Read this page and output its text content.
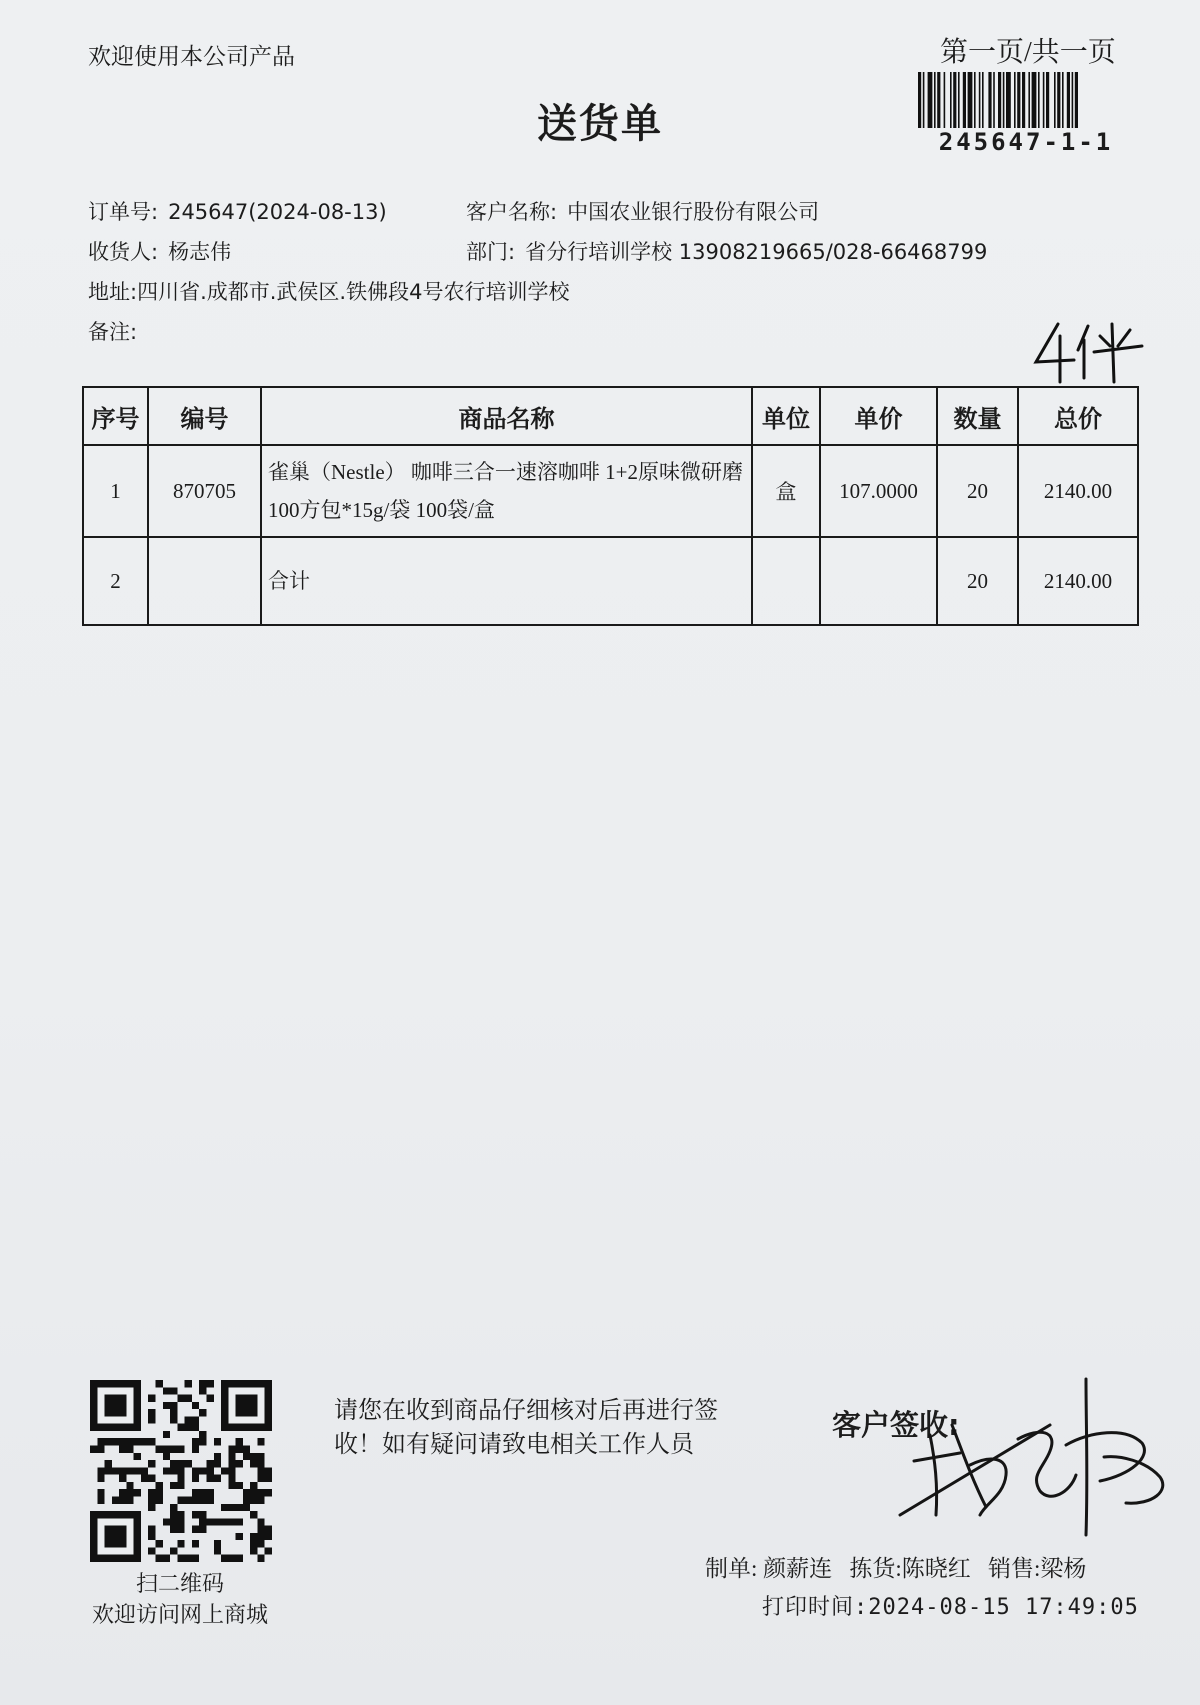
欢迎使用本公司产品	第一页/共一页
送货单	245647-1-1
订单号: 245647(2024-08-13)	客户名称: 中国农业银行股份有限公司
收货人: 杨志伟	部门: 省分行培训学校 13908219665/028-66468799
地址:四川省.成都市.武侯区.铁佛段4号农行培训学校
备注:
序号	编号	商品名称	单位	单价	数量	总价
1	870705	雀巢（Nestle） 咖啡三合一速溶咖啡 1+2原味微研磨 100方包*15g/袋 100袋/盒	盒	107.0000	20	2140.00
2		合计			20	2140.00
扫二维码
欢迎访问网上商城
请您在收到商品仔细核对后再进行签收！如有疑问请致电相关工作人员
客户签收:
制单: 颜薪连 拣货:陈晓红 销售:梁杨
打印时间:2024-08-15 17:49:05
